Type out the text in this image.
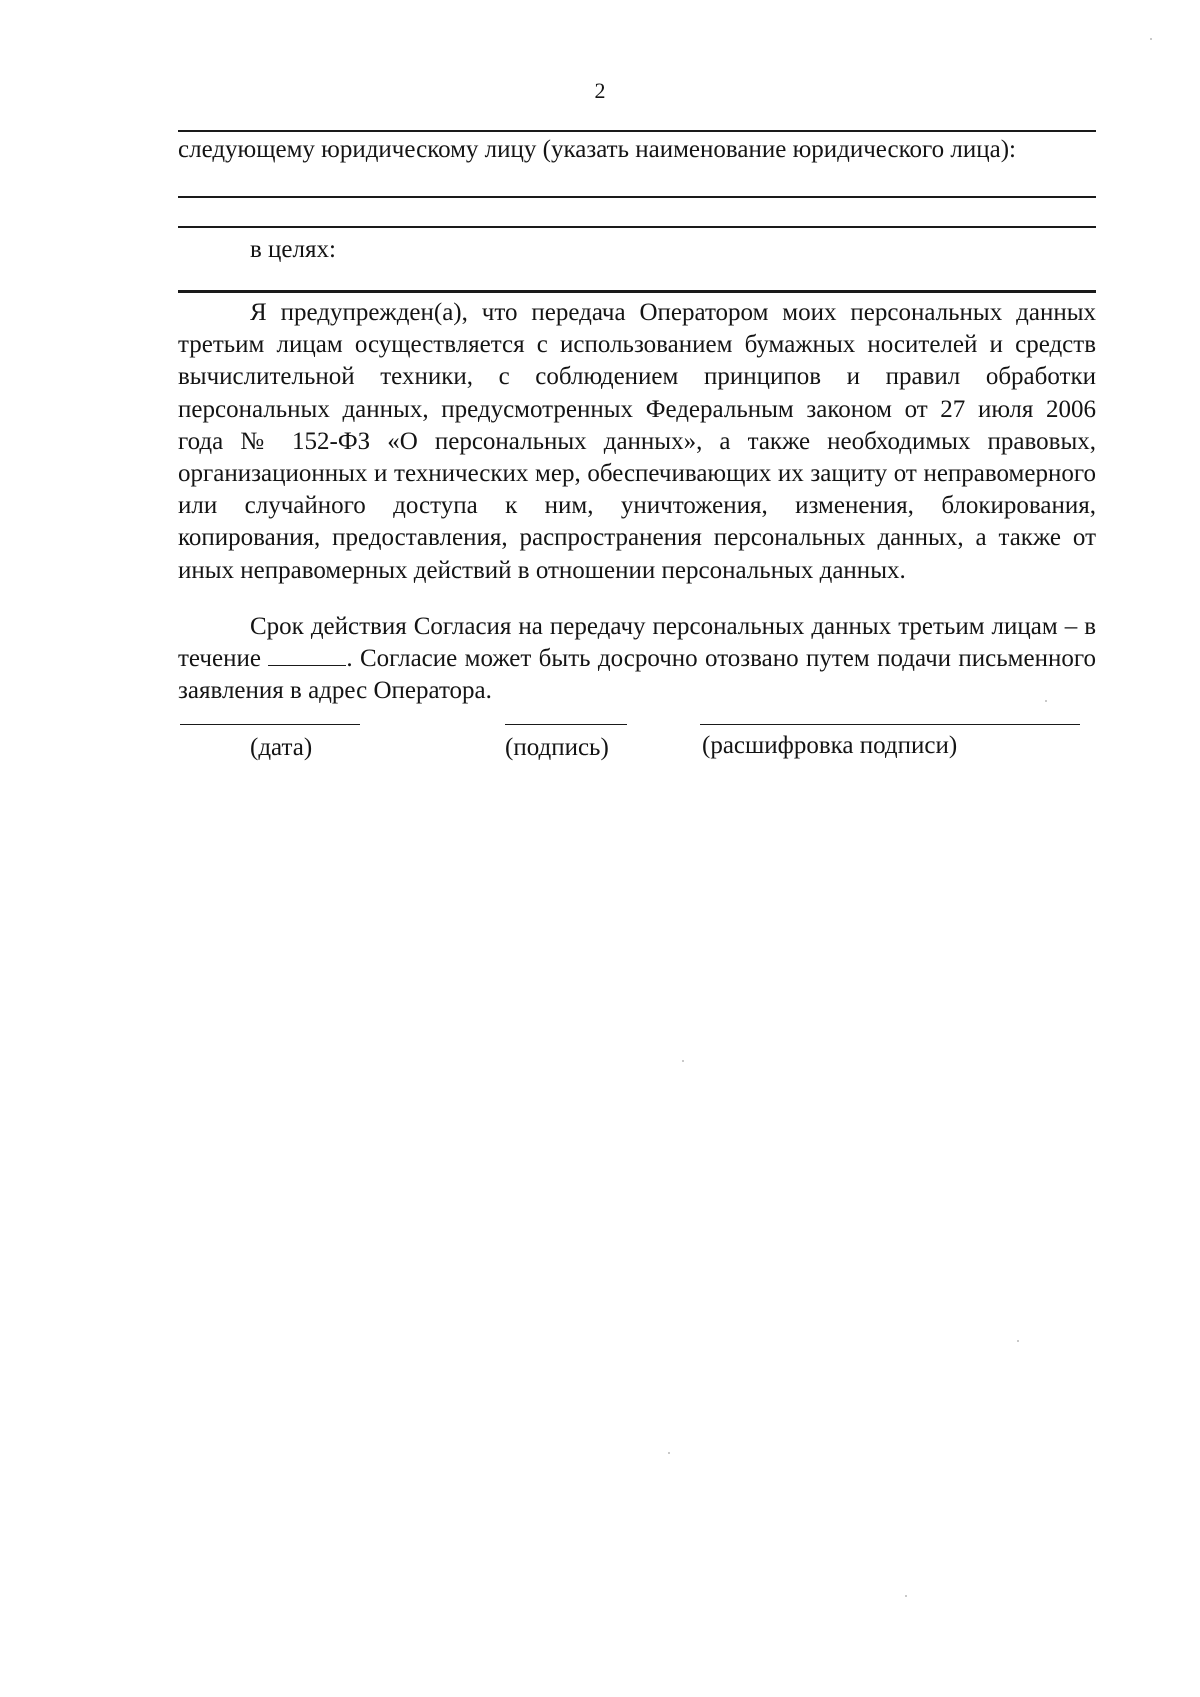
2
следующему юридическому лицу (указать наименование юридического лица):
в целях:

Я предупрежден(а), что передача Оператором моих персональных данных третьим лицам осуществляется с использованием бумажных носителей и средств вычислительной техники, с соблюдением принципов и правил обработки персональных данных, предусмотренных Федеральным законом от 27 июля 2006 года № 152-ФЗ «О персональных данных», а также необходимых правовых, организационных и технических мер, обеспечивающих их защиту от неправомерного или случайного доступа к ним, уничтожения, изменения, блокирования, копирования, предоставления, распространения персональных данных, а также от иных неправомерных действий в отношении персональных данных.

Срок действия Согласия на передачу персональных данных третьим лицам – в течение	. Согласие может быть досрочно отозвано путем подачи письменного заявления в адрес Оператора.

(дата)	(подпись)	(расшифровка подписи)
